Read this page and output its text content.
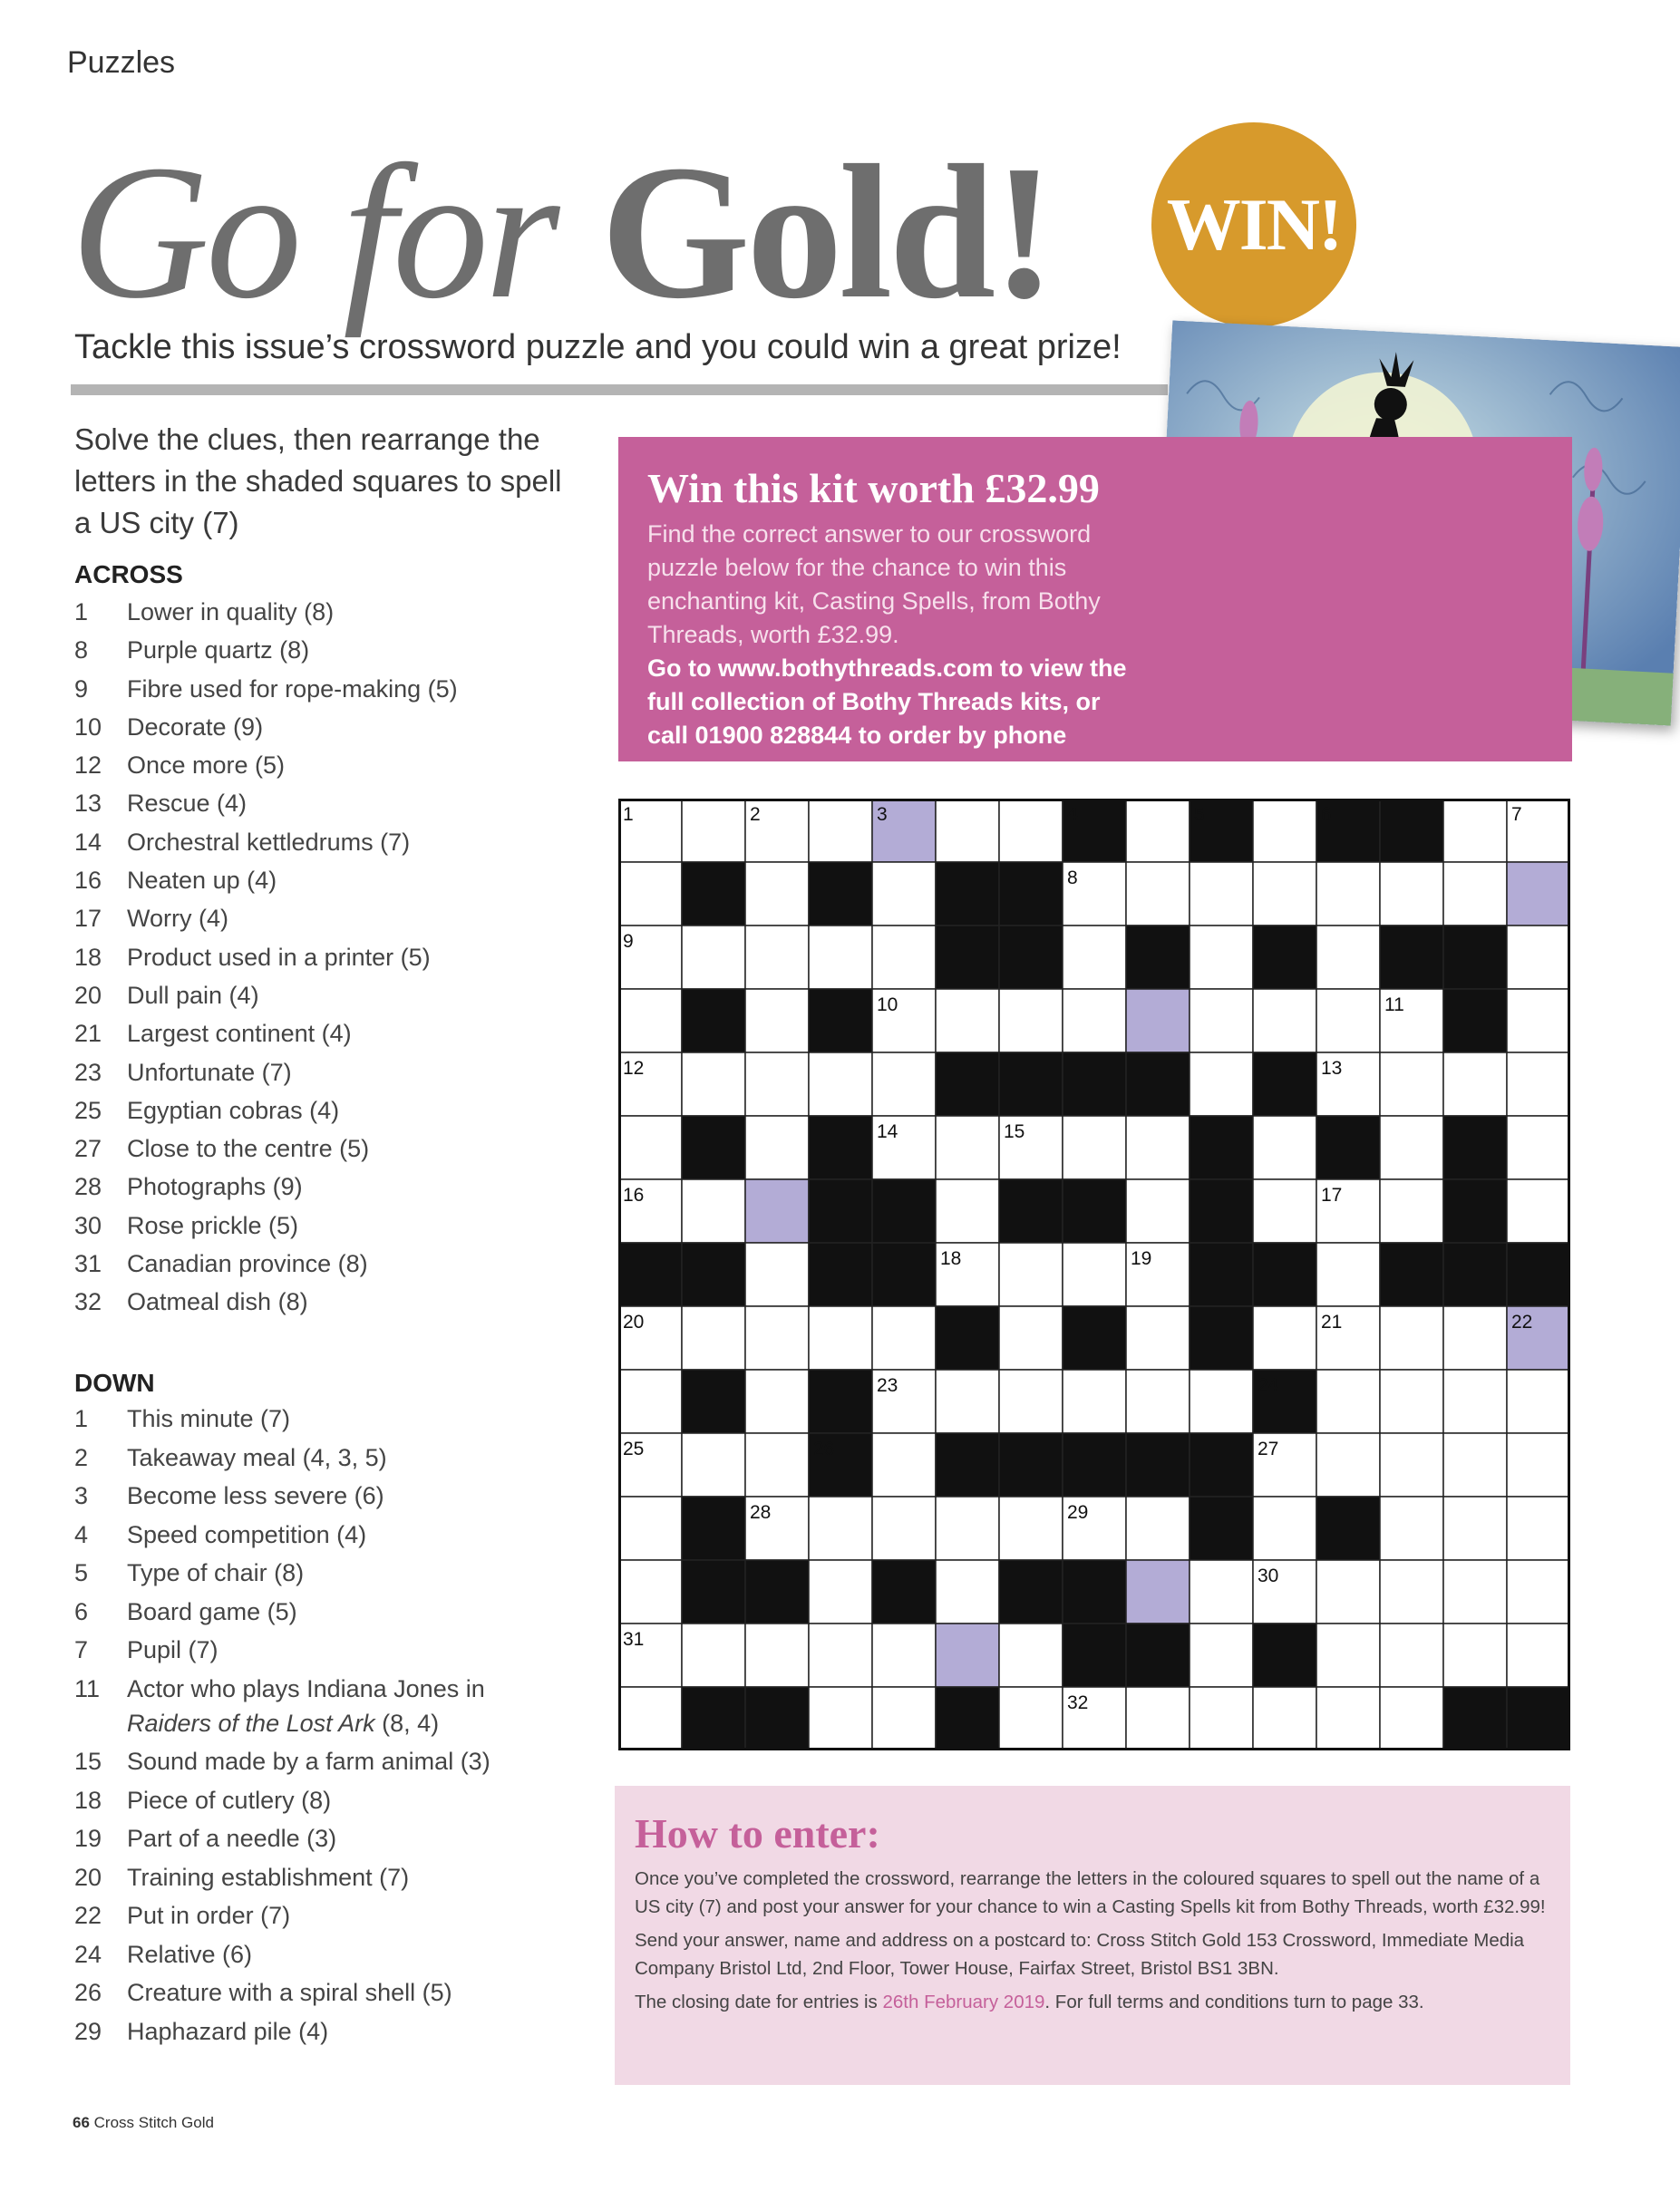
Puzzles
Go for Gold! WIN!
Tackle this issue’s crossword puzzle and you could win a great prize!
Solve the clues, then rearrange the letters in the shaded squares to spell a US city (7)
ACROSS
1 Lower in quality (8)
8 Purple quartz (8)
9 Fibre used for rope-making (5)
10 Decorate (9)
12 Once more (5)
13 Rescue (4)
14 Orchestral kettledrums (7)
16 Neaten up (4)
17 Worry (4)
18 Product used in a printer (5)
20 Dull pain (4)
21 Largest continent (4)
23 Unfortunate (7)
25 Egyptian cobras (4)
27 Close to the centre (5)
28 Photographs (9)
30 Rose prickle (5)
31 Canadian province (8)
32 Oatmeal dish (8)
DOWN
1 This minute (7)
2 Takeaway meal (4, 3, 5)
3 Become less severe (6)
4 Speed competition (4)
5 Type of chair (8)
6 Board game (5)
7 Pupil (7)
11 Actor who plays Indiana Jones in
Raiders of the Lost Ark (8, 4)
15 Sound made by a farm animal (3)
18 Piece of cutlery (8)
19 Part of a needle (3)
20 Training establishment (7)
22 Put in order (7)
24 Relative (6)
26 Creature with a spiral shell (5)
29 Haphazard pile (4)
Win this kit worth £32.99
Find the correct answer to our crossword puzzle below for the chance to win this enchanting kit, Casting Spells, from Bothy Threads, worth £32.99.
Go to www.bothythreads.com to view the full collection of Bothy Threads kits, or call 01900 828844 to order by phone
1	2	3	4	5	6	7
8
9
10	11
12	13
14	15
16	17
18	19
20	21	22
23	24
25	26	27
28	29
30
31
32
How to enter:
Once you’ve completed the crossword, rearrange the letters in the coloured squares to spell out the name of a US city (7) and post your answer for your chance to win a Casting Spells kit from Bothy Threads, worth £32.99!
Send your answer, name and address on a postcard to: Cross Stitch Gold 153 Crossword, Immediate Media Company Bristol Ltd, 2nd Floor, Tower House, Fairfax Street, Bristol BS1 3BN.
The closing date for entries is 26th February 2019. For full terms and conditions turn to page 33.
66 Cross Stitch Gold
